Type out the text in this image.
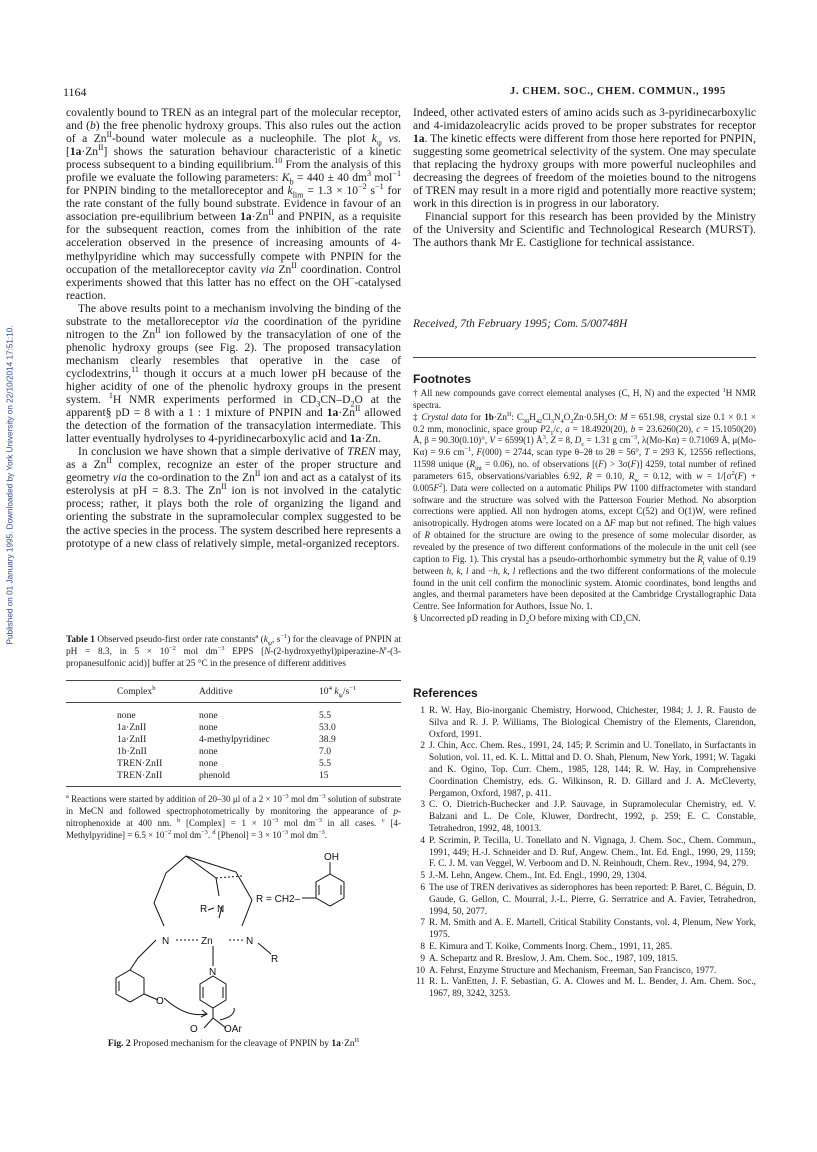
Published on 01 January 1995. Downloaded by York University on 22/10/2014 17:51:10.
1164	J. CHEM. SOC., CHEM. COMMUN., 1995

covalently bound to TREN as an integral part of the molecular receptor, and (b) the free phenolic hydroxy groups. This also rules out the action of a $Zn^{II}$-bound water molecule as a nucleophile. The plot $k_\psi$ vs. $[1a\cdot Zn^{II}]$ shows the saturation behaviour characteristic of a kinetic process subsequent to a binding equilibrium.$^{10}$ From the analysis of this profile we evaluate the following parameters: $K_b = 440 \pm 40$ $dm^3$ mol$^{-1}$ for PNPIN binding to the metalloreceptor and $k_{lim} = 1.3 \times 10^{-2}$ $s^{-1}$ for the rate constant of the fully bound substrate. Evidence in favour of an association pre-equilibrium between $1a\cdot Zn^{II}$ and PNPIN, as a requisite for the subsequent reaction, comes from the inhibition of the rate acceleration observed in the presence of increasing amounts of 4-methylpyridine which may successfully compete with PNPIN for the occupation of the metalloreceptor cavity via $Zn^{II}$ coordination. Control experiments showed that this latter has no effect on the OH−-catalysed reaction.

The above results point to a mechanism involving the binding of the substrate to the metalloreceptor via the coordination of the pyridine nitrogen to the $Zn^{II}$ ion followed by the transacylation of one of the phenolic hydroxy groups (see Fig. 2). The proposed transacylation mechanism clearly resembles that operative in the case of cyclodextrins,$^{11}$ though it occurs at a much lower pH because of the higher acidity of one of the phenolic hydroxy groups in the present system. $^1$H NMR experiments performed in $CD_3CN-D_2O$ at the apparent§ pD = 8 with a 1 : 1 mixture of PNPIN and $1a\cdot Zn^{II}$ allowed the detection of the formation of the transacylation intermediate. This latter eventually hydrolyses to 4-pyridinecarboxylic acid and 1a·Zn.

In conclusion we have shown that a simple derivative of TREN may, as a $Zn^{II}$ complex, recognize an ester of the proper structure and geometry via the co-ordination to the $Zn^{II}$ ion and act as a catalyst of its esterolysis at pH = 8.3. The $Zn^{II}$ ion is not involved in the catalytic process; rather, it plays both the role of organizing the ligand and orienting the substrate in the supramolecular complex suggested to be the active species in the process. The system described here represents a prototype of a new class of relatively simple, metal-organized receptors.

Indeed, other activated esters of amino acids such as 3-pyridinecarboxylic and 4-imidazoleacrylic acids proved to be proper substrates for receptor 1a. The kinetic effects were different from those here reported for PNPIN, suggesting some geometrical selectivity of the system. One may speculate that replacing the hydroxy groups with more powerful nucleophiles and decreasing the degrees of freedom of the moieties bound to the nitrogens of TREN may result in a more rigid and potentially more reactive system; work in this direction is in progress in our laboratory.

Financial support for this research has been provided by the Ministry of the University and Scientific and Technological Research (MURST). The authors thank Mr E. Castiglione for technical assistance.

Received, 7th February 1995; Com. 5/00748H
Footnotes

† All new compounds gave correct elemental analyses (C, H, N) and the expected $^1$H NMR spectra.

‡ Crystal data for $1b\cdot Zn^{II}$: $C_{30}H_{42}Cl_3N_4O_2Zn\cdot 0.5H_2O$: M = 651.98, crystal size 0.1 × 0.1 × 0.2 mm, monoclinic, space group $P2_1/c$, a = 18.4920(20), b = 23.6260(20), c = 15.1050(20) Å, β = 90.30(0.10)°, V = 6599(1) $Å^3$, Z = 8, $D_c = 1.31$ g $cm^{-3}$, λ(Mo-Kα) = 0.71069 Å, μ(Mo-Kα) = 9.6 $cm^{-1}$, F(000) = 2744, scan type θ–2θ to 2θ = 56°, T = 293 K, 12556 reflections, 11598 unique $(R_{int} = 0.06)$, no. of observations [(F) > 3σ(F)] 4259, total number of refined parameters 615, observations/variables 6.92, R = 0.10, $R_w = 0.12$, with $w = 1/[\sigma^2(F) + 0.005F^2]$. Data were collected on a automatic Philips PW 1100 diffractometer with standard software and the structure was solved with the Patterson Fourier Method. No absorption corrections were applied. All non hydrogen atoms, except C(52) and O(1)W, were refined anisotropically. Hydrogen atoms were located on a ΔF map but not refined. The high values of R obtained for the structure are owing to the presence of some molecular disorder, as revealed by the presence of two different conformations of the molecule in the unit cell (see caption to Fig. 1). This crystal has a pseudo-orthorhombic symmetry but the $R_i$ value of 0.19 between h, k, l and −h, k, l reflections and the two different conformations of the molecule found in the unit cell confirm the monoclinic system. Atomic coordinates, bond lengths and angles, and thermal parameters have been deposited at the Cambridge Crystallographic Data Centre. See Information for Authors, Issue No. 1.

§ Uncorrected pD reading in $D_2O$ before mixing with $CD_3CN$.

References
1 R. W. Hay, Bio-inorganic Chemistry, Horwood, Chichester, 1984; J. J. R. Fausto de Silva and R. J. P. Williams, The Biological Chemistry of the Elements, Clarendon, Oxford, 1991.
2 J. Chin, Acc. Chem. Res., 1991, 24, 145; P. Scrimin and U. Tonellato, in Surfactants in Solution, vol. 11, ed. K. L. Mittal and D. O. Shah, Plenum, New York, 1991; W. Tagaki and K. Ogino, Top. Curr. Chem., 1985, 128, 144; R. W. Hay, in Comprehensive Coordination Chemistry, eds. G. Wilkinson, R. D. Gillard and J. A. McCleverty, Pergamon, Oxford, 1987, p. 411.
3 C. O. Dietrich-Buchecker and J.P. Sauvage, in Supramolecular Chemistry, ed. V. Balzani and L. De Cole, Kluwer, Dordrecht, 1992, p. 259; E. C. Constable, Tetrahedron, 1992, 48, 10013.
4 P. Scrimin, P. Tecilla, U. Tonellato and N. Vignaga, J. Chem. Soc., Chem. Commun., 1991, 449; H.-J. Schneider and D. Ruf, Angew. Chem., Int. Ed. Engl., 1990, 29, 1159; F. C. J. M. van Veggel, W. Verboom and D. N. Reinhoudt, Chem. Rev., 1994, 94, 279.
5 J.-M. Lehn, Angew. Chem., Int. Ed. Engl., 1990, 29, 1304.
6 The use of TREN derivatives as siderophores has been reported: P. Baret, C. Béguin, D. Gaude, G. Gellon, C. Mourral, J.-L. Pierre, G. Serratrice and A. Favier, Tetrahedron, 1994, 50, 2077.
7 R. M. Smith and A. E. Martell, Critical Stability Constants, vol. 4, Plenum, New York, 1975.
8 E. Kimura and T. Koike, Comments Inorg. Chem., 1991, 11, 285.
9 A. Schepartz and R. Breslow, J. Am. Chem. Soc., 1987, 109, 1815.
10 A. Fehrst, Enzyme Structure and Mechanism, Freeman, San Francisco, 1977.
11 R. L. VanEtten, J. F. Sebastian, G. A. Clowes and M. L. Bender, J. Am. Chem. Soc., 1967, 89, 3242, 3253.
Table 1 Observed pseudo-first order rate constants$^a$ ($k_\psi$, $s^{-1}$) for the cleavage of PNPIN at pH = 8.3, in $5 \times 10^{-2}$ mol $dm^{-3}$ EPPS [N-(2-hydroxyethyl)piperazine-N′-(3-propanesulfonic acid)] buffer at 25 °C in the presence of different additives
Complex$^b$	Additive	$10^4$ $k_\psi/s^{-1}$
none	none	5.5
1a·ZnII	none	53.0
1a·ZnII	4-methylpyridinec	38.9
1b·ZnII	none	7.0
TREN·ZnII	none	5.5
TREN·ZnII	phenold	15
$^a$ Reactions were started by addition of 20–30 μl of a $2 \times 10^{-3}$ mol $dm^{-3}$ solution of substrate in MeCN and followed spectrophotometrically by monitoring the appearance of p-nitrophenoxide at 400 nm. $^b$ [Complex] = $1 \times 10^{-3}$ mol $dm^{-3}$ in all cases. $^c$ [4-Methylpyridine] = $6.5 \times 10^{-2}$ mol $dm^{-3}$. $^d$ [Phenol] = $3 \times 10^{-3}$ mol $dm^{-3}$.
N
R
N	Zn	N
R
N
O
O	OAr
R = CH2–
OH
Fig. 2 Proposed mechanism for the cleavage of PNPIN by $1a\cdot Zn^{II}$
